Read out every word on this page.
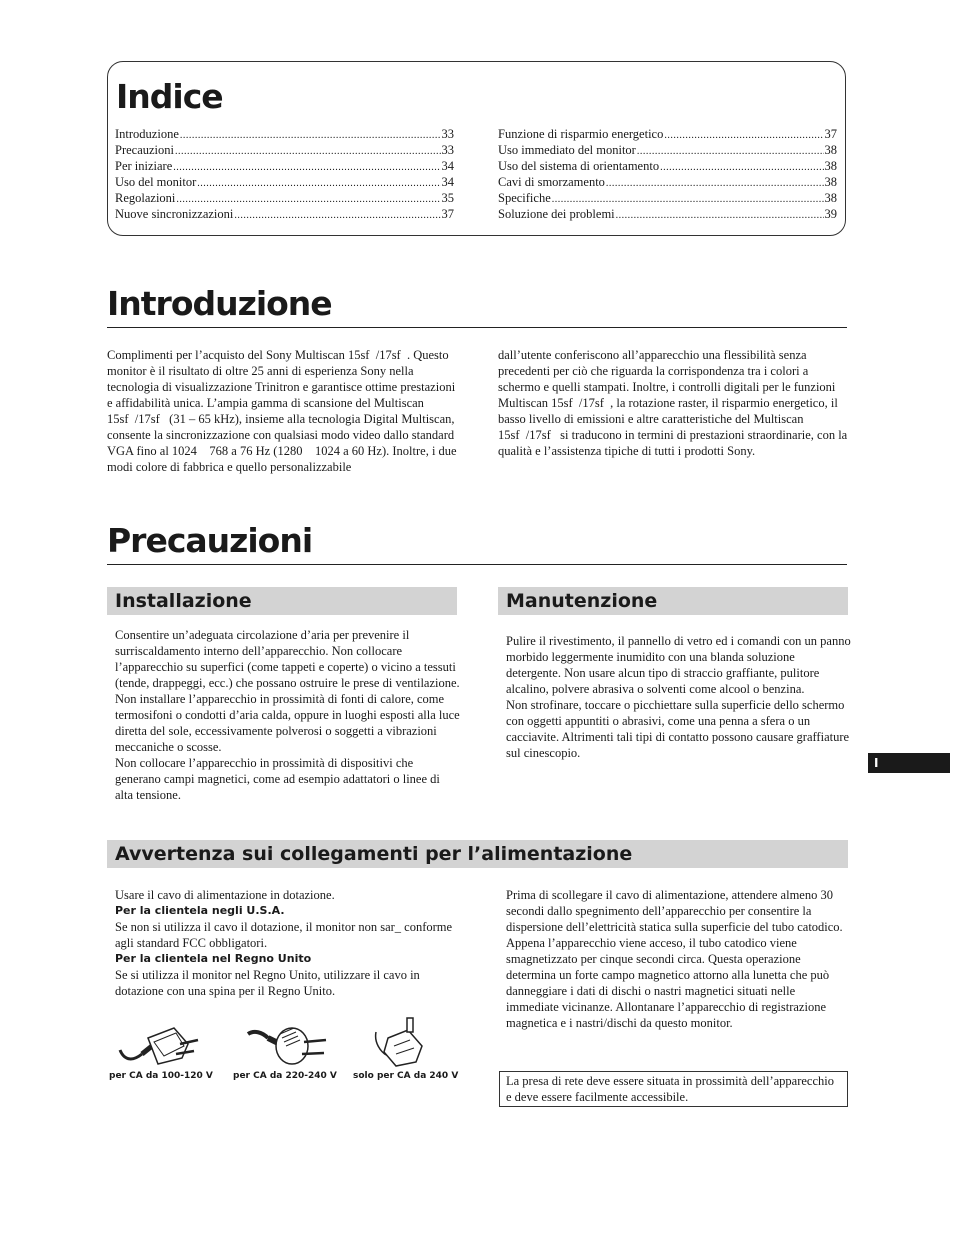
Indice
Introduzione .....	33
Precauzioni .....	33
Per iniziare .....	34
Uso del monitor .....	34
Regolazioni .....	35
Nuove sincronizzazioni .....	37
Funzione di risparmio energetico .....	37
Uso immediato del monitor .....	38
Uso del sistema di orientamento .....	38
Cavi di smorzamento .....	38
Specifiche .....	38
Soluzione dei problemi .....	39
Introduzione

Complimenti per l’acquisto del Sony Multiscan 15sf /17sf . Questo monitor è il risultato di oltre 25 anni di esperienza Sony nella tecnologia di visualizzazione Trinitron e garantisce ottime prestazioni e affidabilità unica. L’ampia gamma di scansione del Multiscan 15sf /17sf  (31 – 65 kHz), insieme alla tecnologia Digital Multiscan, consente la sincronizzazione con qualsiasi modo video dallo standard VGA fino al 1024  768 a 76 Hz (1280  1024 a 60 Hz). Inoltre, i due modi colore di fabbrica e quello personalizzabile

dall’utente conferiscono all’apparecchio una flessibilità senza precedenti per ciò che riguarda la corrispondenza tra i colori a schermo e quelli stampati. Inoltre, i controlli digitali per le funzioni Multiscan 15sf /17sf , la rotazione raster, il risparmio energetico, il basso livello di emissioni e altre caratteristiche del Multiscan 15sf /17sf  si traducono in termini di prestazioni straordinarie, con la qualità e l’assistenza tipiche di tutti i prodotti Sony.

Precauzioni
Installazione	Manutenzione
Consentire un’adeguata circolazione d’aria per prevenire il surriscaldamento interno dell’apparecchio. Non collocare l’apparecchio su superfici (come tappeti e coperte) o vicino a tessuti (tende, drappeggi, ecc.) che possano ostruire le prese di ventilazione.
Non installare l’apparecchio in prossimità di fonti di calore, come termosifoni o condotti d’aria calda, oppure in luoghi esposti alla luce diretta del sole, eccessivamente polverosi o soggetti a vibrazioni meccaniche o scosse.
Non collocare l’apparecchio in prossimità di dispositivi che generano campi magnetici, come ad esempio adattatori o linee di alta tensione.
Pulire il rivestimento, il pannello di vetro ed i comandi con un panno morbido leggermente inumidito con una blanda soluzione detergente. Non usare alcun tipo di straccio graffiante, pulitore alcalino, polvere abrasiva o solventi come alcool o benzina.
Non strofinare, toccare o picchiettare sulla superficie dello schermo con oggetti appuntiti o abrasivi, come una penna a sfera o un cacciavite. Altrimenti tali tipi di contatto possono causare graffiature sul cinescopio.
I
Avvertenza sui collegamenti per l’alimentazione
Usare il cavo di alimentazione in dotazione.
Per la clientela negli U.S.A.
Se non si utilizza il cavo il dotazione, il monitor non sar_ conforme agli standard FCC obbligatori.
Per la clientela nel Regno Unito
Se si utilizza il monitor nel Regno Unito, utilizzare il cavo in dotazione con una spina per il Regno Unito.
per CA da 100-120 V per CA da 220-240 V solo per CA da 240 V
Prima di scollegare il cavo di alimentazione, attendere almeno 30 secondi dallo spegnimento dell’apparecchio per consentire la dispersione dell’elettricità statica sulla superficie del tubo catodico.
Appena l’apparecchio viene acceso, il tubo catodico viene smagnetizzato per cinque secondi circa. Questa operazione determina un forte campo magnetico attorno alla lunetta che può danneggiare i dati di dischi o nastri magnetici situati nelle immediate vicinanze. Allontanare l’apparecchio di registrazione magnetica e i nastri/dischi da questo monitor.
La presa di rete deve essere situata in prossimità dell’apparecchio e deve essere facilmente accessibile.
